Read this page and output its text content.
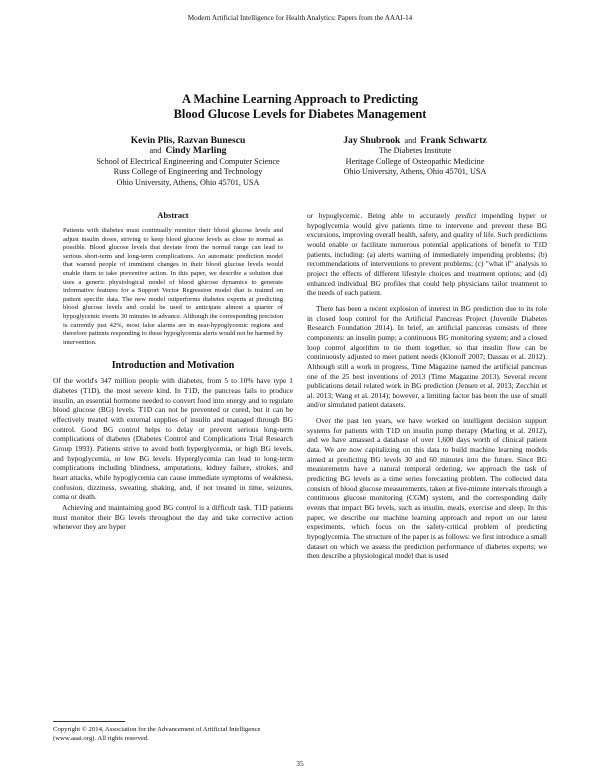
Modern Artificial Intelligence for Health Analytics: Papers from the AAAI-14
A Machine Learning Approach to Predicting
Blood Glucose Levels for Diabetes Management
Kevin Plis, Razvan Bunescu
and Cindy Marling
School of Electrical Engineering and Computer Science
Russ College of Engineering and Technology
Ohio University, Athens, Ohio 45701, USA
Jay Shubrook and Frank Schwartz
The Diabetes Institute
Heritage College of Osteopathic Medicine
Ohio University, Athens, Ohio 45701, USA
Abstract
Patients with diabetes must continually monitor their blood glucose levels and adjust insulin doses, striving to keep blood glucose levels as close to normal as possible. Blood glucose levels that deviate from the normal range can lead to serious short-term and long-term complications. An automatic prediction model that warned people of imminent changes in their blood glucose levels would enable them to take preventive action. In this paper, we describe a solution that uses a generic physiological model of blood glucose dynamics to generate informative features for a Support Vector Regression model that is trained on patient specific data. The new model outperforms diabetes experts at predicting blood glucose levels and could be used to anticipate almost a quarter of hypoglycemic events 30 minutes in advance. Although the corresponding precision is currently just 42%, most false alarms are in near-hypoglycemic regions and therefore patients responding to these hypoglycemia alerts would not be harmed by intervention.
Introduction and Motivation

Of the world's 347 million people with diabetes, from 5 to 10% have type 1 diabetes (T1D), the most severe kind. In T1D, the pancreas fails to produce insulin, an essential hormone needed to convert food into energy and to regulate blood glucose (BG) levels. T1D can not be prevented or cured, but it can be effectively treated with external supplies of insulin and managed through BG control. Good BG control helps to delay or prevent serious long-term complications of diabetes (Diabetes Control and Complications Trial Research Group 1993). Patients strive to avoid both hyperglycemia, or high BG levels, and hypoglycemia, or low BG levels. Hyperglycemia can lead to long-term complications including blindness, amputations, kidney failure, strokes, and heart attacks, while hypoglycemia can cause immediate symptoms of weakness, confusion, dizziness, sweating, shaking, and, if not treated in time, seizures, coma or death.

Achieving and maintaining good BG control is a difficult task. T1D patients must monitor their BG levels throughout the day and take corrective action whenever they are hyper

or hypoglycemic. Being able to accurately predict impending hyper or hypoglycemia would give patients time to intervene and prevent these BG excursions, improving overall health, safety, and quality of life. Such predictions would enable or facilitate numerous potential applications of benefit to T1D patients, including: (a) alerts warning of immediately impending problems; (b) recommendations of interventions to prevent problems; (c) "what if" analysis to project the effects of different lifestyle choices and treatment options; and (d) enhanced individual BG profiles that could help physicians tailor treatment to the needs of each patient.

There has been a recent explosion of interest in BG prediction due to its role in closed loop control for the Artificial Pancreas Project (Juvenile Diabetes Research Foundation 2014). In brief, an artificial pancreas consists of three components: an insulin pump; a continuous BG monitoring system; and a closed loop control algorithm to tie them together, so that insulin flow can be continuously adjusted to meet patient needs (Klonoff 2007; Dassau et al. 2012). Although still a work in progress, Time Magazine named the artificial pancreas one of the 25 best inventions of 2013 (Time Magazine 2013). Several recent publications detail related work in BG prediction (Jensen et al. 2013; Zecchin et al. 2013; Wang et al. 2014); however, a limiting factor has been the use of small and/or simulated patient datasets.

Over the past ten years, we have worked on intelligent decision support systems for patients with T1D on insulin pump therapy (Marling et al. 2012), and we have amassed a database of over 1,600 days worth of clinical patient data. We are now capitalizing on this data to build machine learning models aimed at predicting BG levels 30 and 60 minutes into the future. Since BG measurements have a natural temporal ordering, we approach the task of predicting BG levels as a time series forecasting problem. The collected data consists of blood glucose measurements, taken at five-minute intervals through a continuous glucose monitoring (CGM) system, and the corresponding daily events that impact BG levels, such as insulin, meals, exercise and sleep. In this paper, we describe our machine learning approach and report on our latest experiments, which focus on the safety-critical problem of predicting hypoglycemia. The structure of the paper is as follows: we first introduce a small dataset on which we assess the prediction performance of diabetes experts; we then describe a physiological model that is used

Copyright © 2014, Association for the Advancement of Artificial Intelligence (www.aaai.org). All rights reserved.
35
